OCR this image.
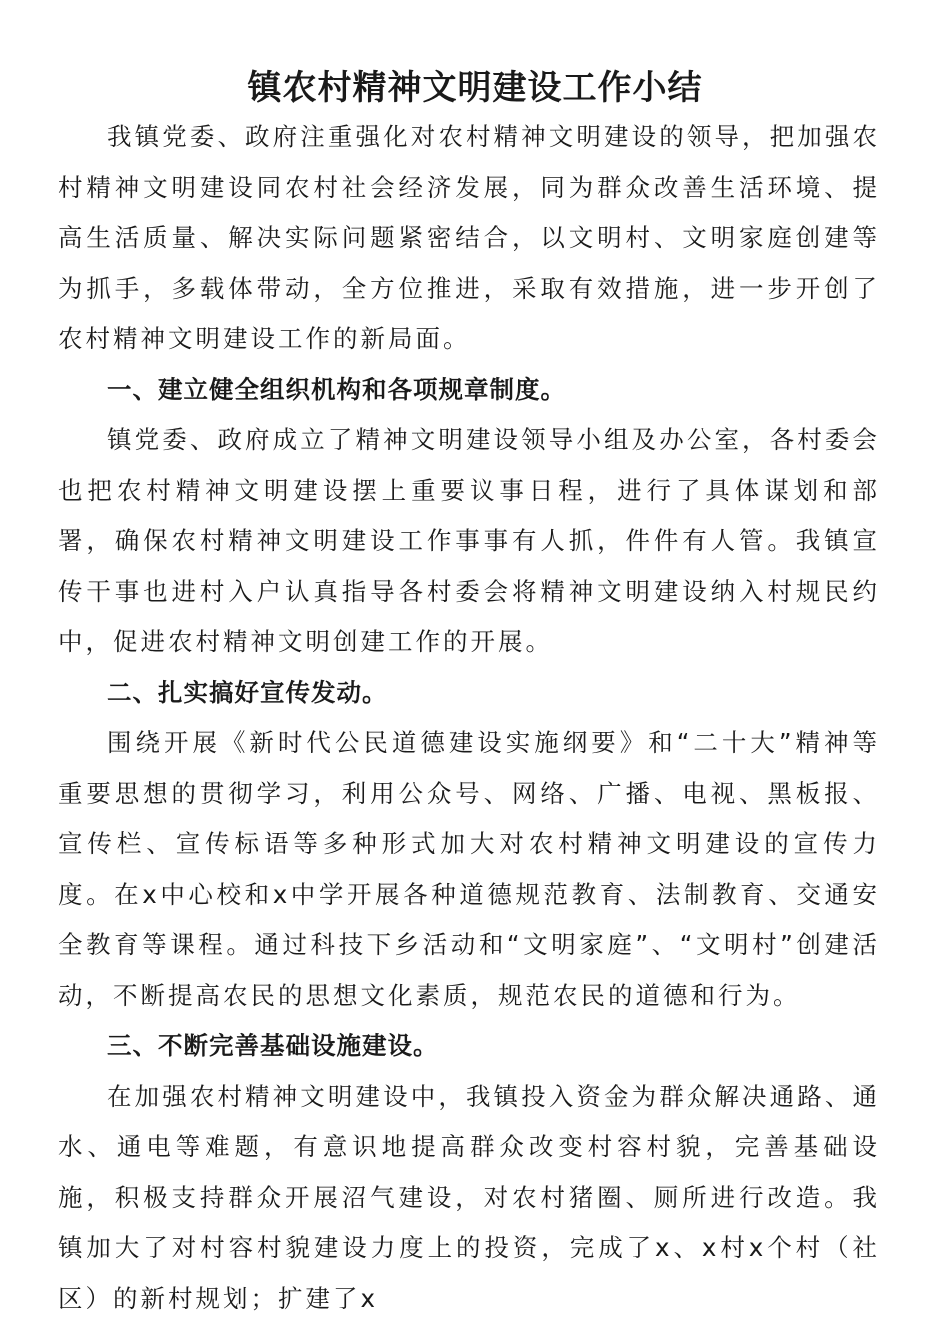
镇农村精神文明建设工作小结

我镇党委、政府注重强化对农村精神文明建设的领导，把加强农村精神文明建设同农村社会经济发展，同为群众改善生活环境、提高生活质量、解决实际问题紧密结合，以文明村、文明家庭创建等为抓手，多载体带动，全方位推进，采取有效措施，进一步开创了农村精神文明建设工作的新局面。

一、建立健全组织机构和各项规章制度。

镇党委、政府成立了精神文明建设领导小组及办公室，各村委会也把农村精神文明建设摆上重要议事日程，进行了具体谋划和部署，确保农村精神文明建设工作事事有人抓，件件有人管。我镇宣传干事也进村入户认真指导各村委会将精神文明建设纳入村规民约中，促进农村精神文明创建工作的开展。

二、扎实搞好宣传发动。

围绕开展《新时代公民道德建设实施纲要》和“二十大”精神等重要思想的贯彻学习，利用公众号、网络、广播、电视、黑板报、宣传栏、宣传标语等多种形式加大对农村精神文明建设的宣传力度。在x中心校和x中学开展各种道德规范教育、法制教育、交通安全教育等课程。通过科技下乡活动和“文明家庭”、“文明村”创建活动，不断提高农民的思想文化素质，规范农民的道德和行为。

三、不断完善基础设施建设。

在加强农村精神文明建设中，我镇投入资金为群众解决通路、通水、通电等难题，有意识地提高群众改变村容村貌，完善基础设施，积极支持群众开展沼气建设，对农村猪圈、厕所进行改造。我镇加大了对村容村貌建设力度上的投资，完成了x、x村x个村（社区）的新村规划；扩建了x
